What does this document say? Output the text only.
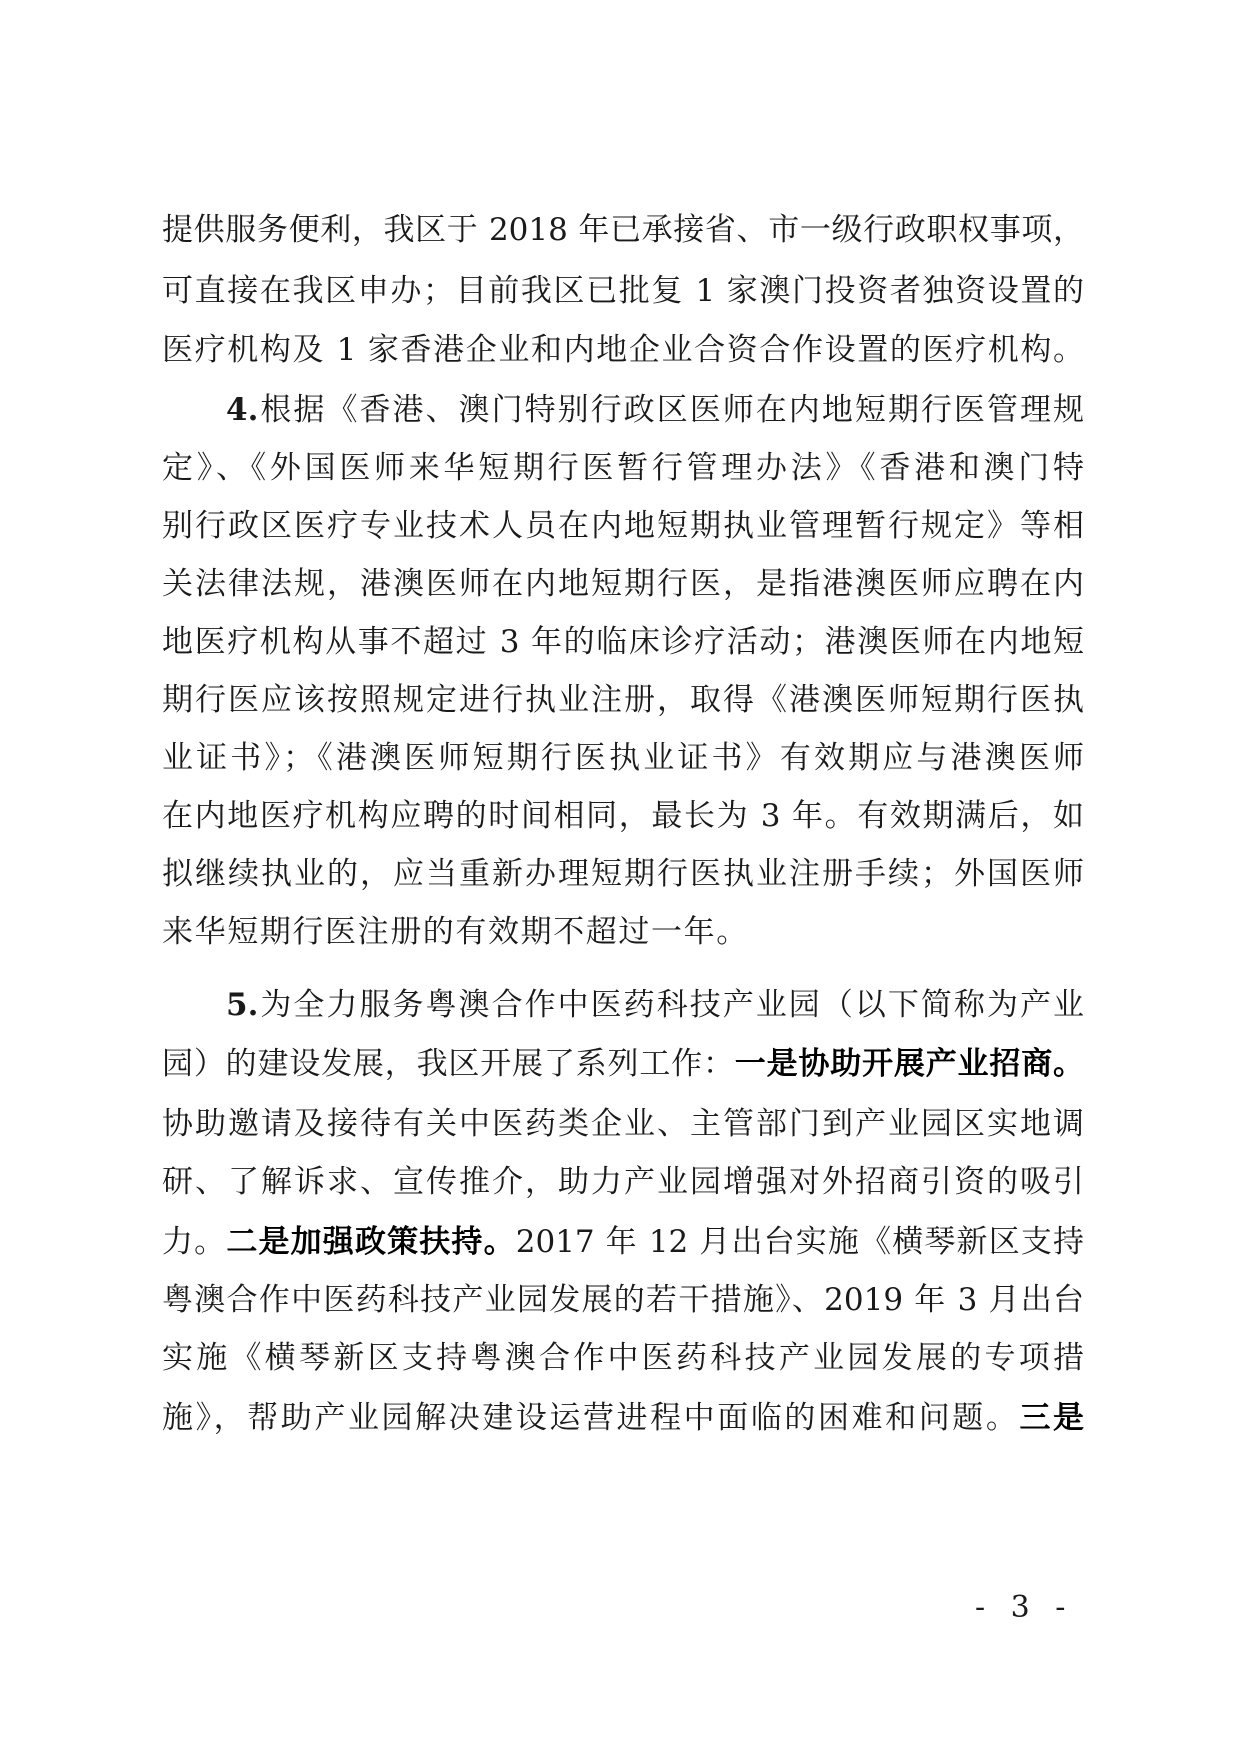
提供服务便利，我区于 2018 年已承接省、市一级行政职权事项，
可直接在我区申办；目前我区已批复 1 家澳门投资者独资设置的
医疗机构及 1 家香港企业和内地企业合资合作设置的医疗机构。
4.根据《香港、澳门特别行政区医师在内地短期行医管理规
定》、《外国医师来华短期行医暂行管理办法》《香港和澳门特
别行政区医疗专业技术人员在内地短期执业管理暂行规定》等相
关法律法规，港澳医师在内地短期行医，是指港澳医师应聘在内
地医疗机构从事不超过 3 年的临床诊疗活动；港澳医师在内地短
期行医应该按照规定进行执业注册，取得《港澳医师短期行医执
业证书》；《港澳医师短期行医执业证书》有效期应与港澳医师
在内地医疗机构应聘的时间相同，最长为 3 年。有效期满后，如
拟继续执业的，应当重新办理短期行医执业注册手续；外国医师
来华短期行医注册的有效期不超过一年。
5.为全力服务粤澳合作中医药科技产业园（以下简称为产业
园）的建设发展，我区开展了系列工作：一是协助开展产业招商。
协助邀请及接待有关中医药类企业、主管部门到产业园区实地调
研、了解诉求、宣传推介，助力产业园增强对外招商引资的吸引
力。二是加强政策扶持。2017 年 12 月出台实施《横琴新区支持
粤澳合作中医药科技产业园发展的若干措施》、2019 年 3 月出台
实施《横琴新区支持粤澳合作中医药科技产业园发展的专项措
施》，帮助产业园解决建设运营进程中面临的困难和问题。三是
- 3 -
